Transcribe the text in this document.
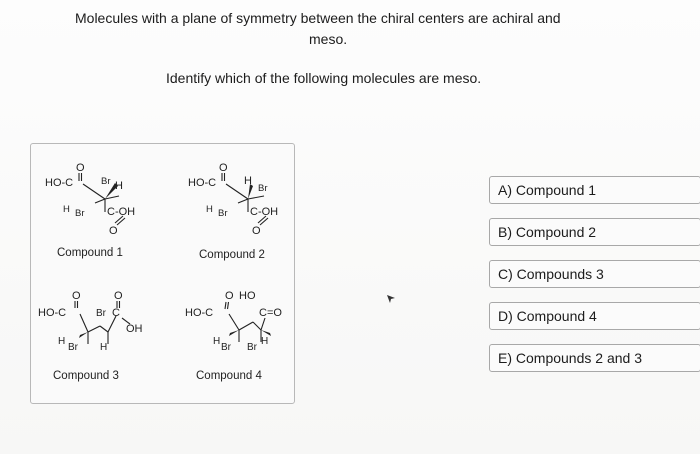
Molecules with a plane of symmetry between the chiral centers are achiral and
meso.
Identify which of the following molecules are meso.
O
HO-C	Br H
H Br C-OH
O
Compound 1
O
HO-C	H
Br
H Br C-OH
O
Compound 2
O	O
HO-C	Br C
OH
H
Br H
Compound 3
O HO
HO-C	C=O
H
Br Br
H
Compound 4
A) Compound 1
B) Compound 2
C) Compounds 3
D) Compound 4
E) Compounds 2 and 3
